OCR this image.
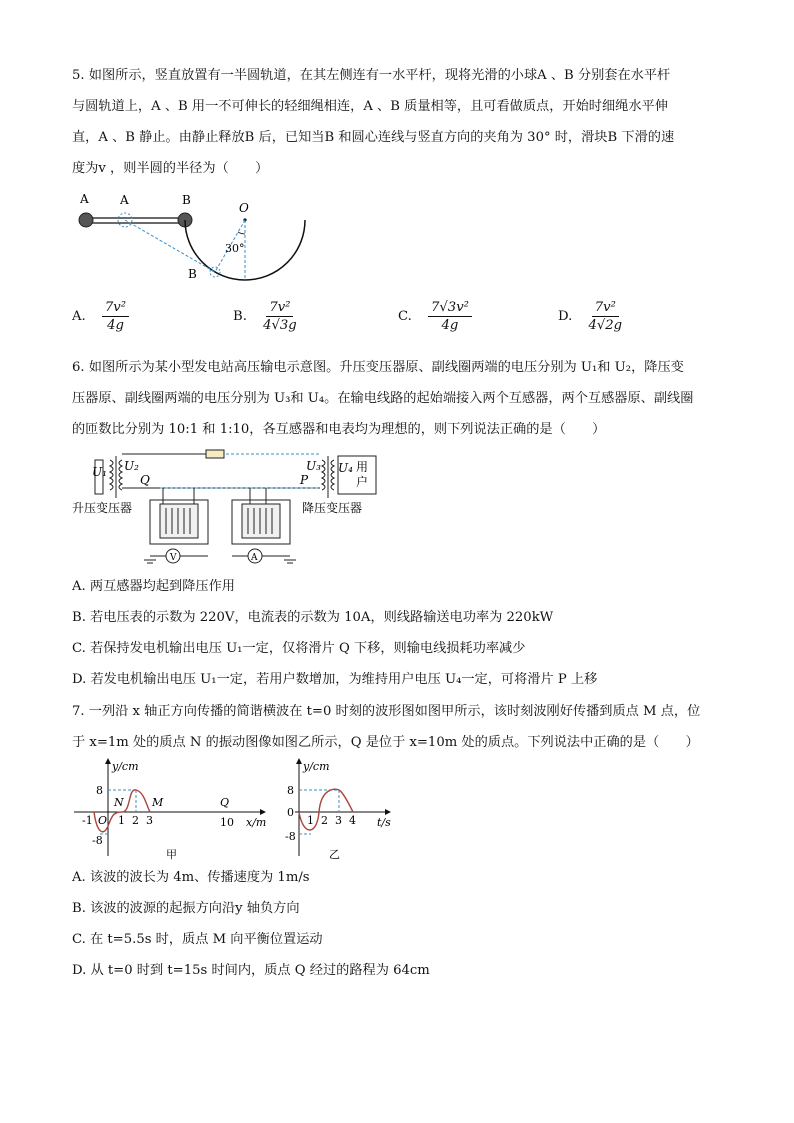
5. 如图所示，竖直放置有一半圆轨道，在其左侧连有一水平杆，现将光滑的小球A 、B 分别套在水平杆

与圆轨道上，A 、B 用一不可伸长的轻细绳相连，A 、B 质量相等，且可看做质点，开始时细绳水平伸

直，A 、B 静止。由静止释放B 后，已知当B 和圆心连线与竖直方向的夹角为 30° 时，滑块B 下滑的速

度为v ，则半圆的半径为（　　）

A	A	B
B
O
30°
A. $\frac{\text{7v²}}{4g}$	B. $\frac{\text{7v²}}{4√3g}$	C. $\frac{\text{7√3v²}}{4g}$	D. $\frac{\text{7v²}}{4√2g}$

6. 如图所示为某小型发电站高压输电示意图。升压变压器原、副线圈两端的电压分别为 U₁和 U₂，降压变

压器原、副线圈两端的电压分别为 U₃和 U₄。在输电线路的起始端接入两个互感器，两个互感器原、副线圈

的匝数比分别为 10:1 和 1:10，各互感器和电表均为理想的，则下列说法正确的是（　　）

V	A
U₁ U₂
Q
U₃ U₄ 用
户
P
升压变压器	降压变压器

A. 两互感器均起到降压作用

B. 若电压表的示数为 220V，电流表的示数为 10A，则线路输送电功率为 220kW

C. 若保持发电机输出电压 U₁一定，仅将滑片 Q 下移，则输电线损耗功率减少

D. 若发电机输出电压 U₁一定，若用户数增加，为维持用户电压 U₄一定，可将滑片 P 上移

7. 一列沿 x 轴正方向传播的简谐横波在 t=0 时刻的波形图如图甲所示，该时刻波刚好传播到质点 M 点，位

于 x=1m 处的质点 N 的振动图像如图乙所示，Q 是位于 x=10m 处的质点。下列说法中正确的是（　　）

y/cm
x/m
8
-8
-1 O 1 2 3	10
N	M	Q
甲
y/cm
t/s
8
0
-8
1 2 3 4
乙

A. 该波的波长为 4m、传播速度为 1m/s

B. 该波的波源的起振方向沿y 轴负方向

C. 在 t=5.5s 时，质点 M 向平衡位置运动

D. 从 t=0 时到 t=15s 时间内，质点 Q 经过的路程为 64cm
